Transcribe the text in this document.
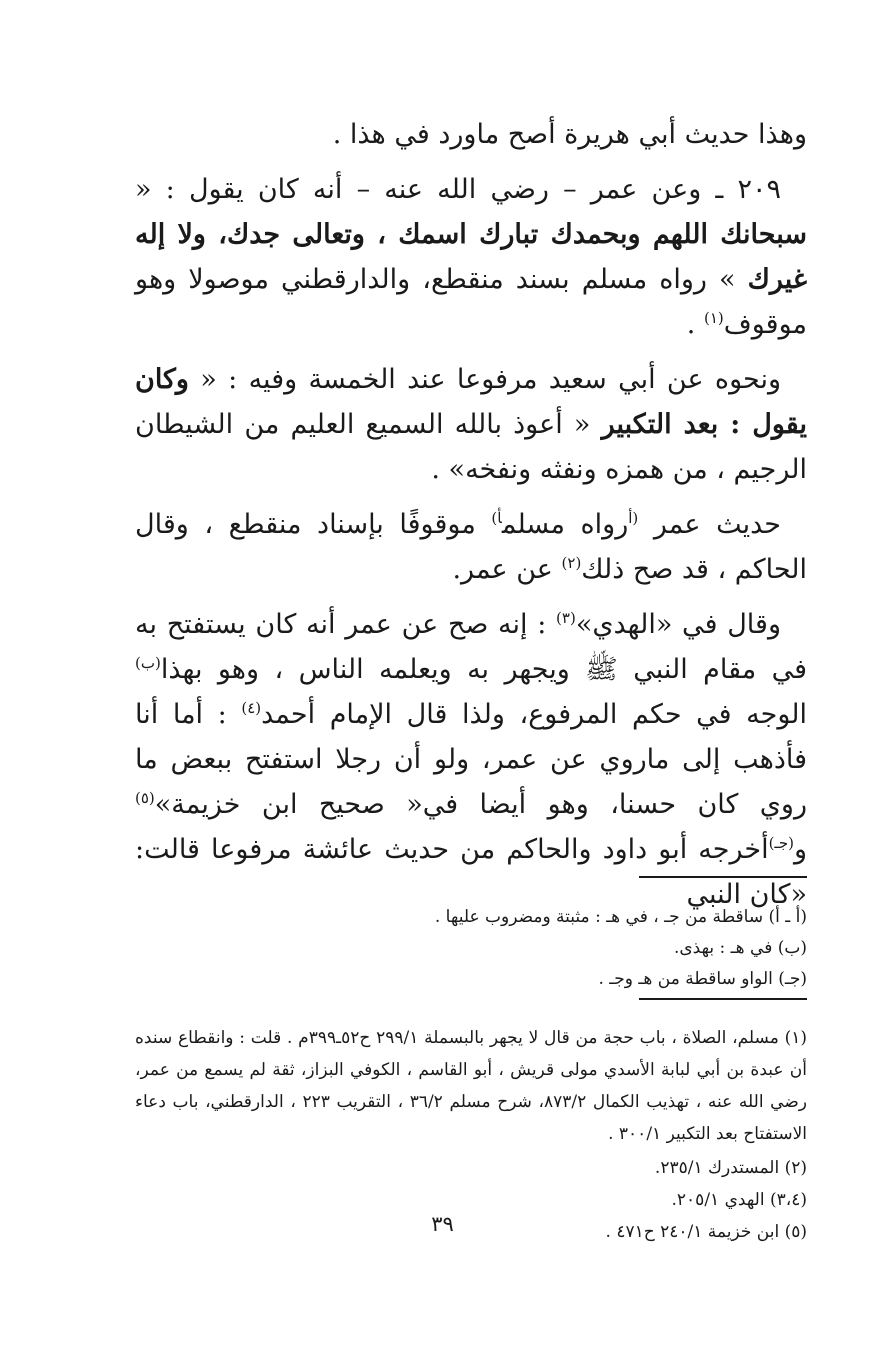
وهذا حديث أبي هريرة أصح ماورد في هذا .

٢٠٩ ـ وعن عمر – رضي الله عنه – أنه كان يقول : « سبحانك اللهم وبحمدك تبارك اسمك ، وتعالى جدك، ولا إله غيرك » رواه مسلم بسند منقطع، والدارقطني موصولا وهو موقوف$^{(١)}$ .

ونحوه عن أبي سعيد مرفوعا عند الخمسة وفيه : « وكان يقول : بعد التكبير « أعوذ بالله السميع العليم من الشيطان الرجيم ، من همزه ونفثه ونفخه» .

حديث عمر $^{(أ}$رواه مسلم$^{أ)}$ موقوفًا بإسناد منقطع ، وقال الحاكم ، قد صح ذلك$^{(٢)}$ عن عمر.

وقال في «الهدي»$^{(٣)}$ : إنه صح عن عمر أنه كان يستفتح به في مقام النبي ﷺ ويجهر به ويعلمه الناس ، وهو بهذا$^{(ب)}$ الوجه في حكم المرفوع، ولذا قال الإمام أحمد$^{(٤)}$ : أما أنا فأذهب إلى ماروي عن عمر، ولو أن رجلا استفتح ببعض ما روي كان حسنا، وهو أيضا في« صحيح ابن خزيمة»$^{(٥)}$ و$^{(جـ)}$أخرجه أبو داود والحاكم من حديث عائشة مرفوعا قالت: «كان النبي

(أ ـ أ) ساقطة من جـ ، في هـ : مثبتة ومضروب عليها .
(ب) في هـ : بهذى.
(جـ) الواو ساقطة من هـ وجـ .
(١) مسلم، الصلاة ، باب حجة من قال لا يجهر بالبسملة ٢٩٩/١ ح٥٢ـ٣٩٩م . قلت : وانقطاع سنده أن عبدة بن أبي لبابة الأسدي مولى قريش ، أبو القاسم ، الكوفي البزاز، ثقة لم يسمع من عمر، رضي الله عنه ، تهذيب الكمال ٨٧٣/٢، شرح مسلم ٣٦/٢ ، التقريب ٢٢٣ ، الدارقطني، باب دعاء الاستفتاح بعد التكبير ٣٠٠/١ .
(٢) المستدرك ٢٣٥/١.
(٣،٤) الهدي ٢٠٥/١.
(٥) ابن خزيمة ٢٤٠/١ ح٤٧١ .
٣٩
